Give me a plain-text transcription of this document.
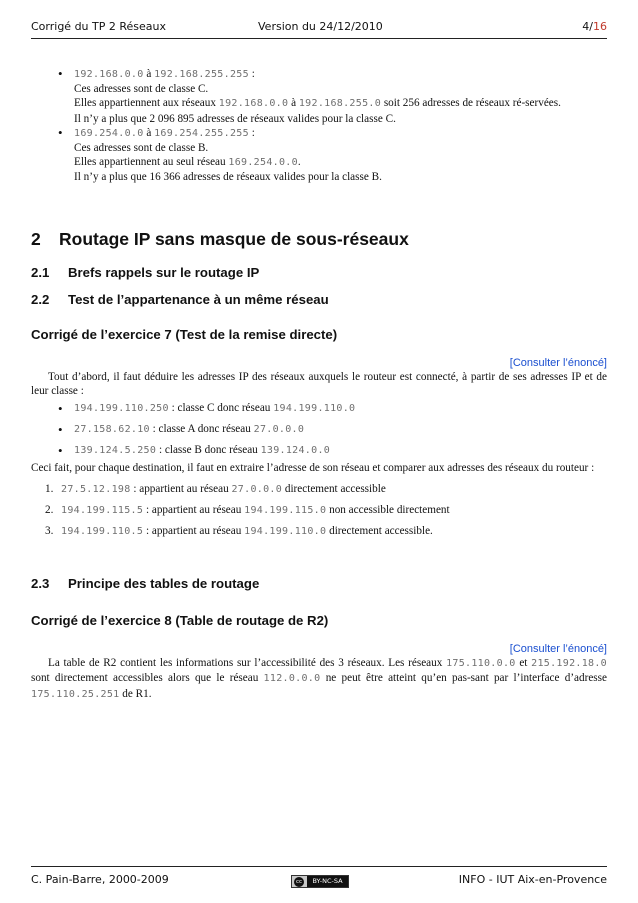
Corrigé du TP 2 Réseaux	Version du 24/12/2010	4/16
• 192.168.0.0 à 192.168.255.255 :
Ces adresses sont de classe C.
Elles appartiennent aux réseaux 192.168.0.0 à 192.168.255.0 soit 256 adresses de réseaux ré-servées.
Il n’y a plus que 2 096 895 adresses de réseaux valides pour la classe C.
• 169.254.0.0 à 169.254.255.255 :
Ces adresses sont de classe B.
Elles appartiennent au seul réseau 169.254.0.0.
Il n’y a plus que 16 366 adresses de réseaux valides pour la classe B.
2 Routage IP sans masque de sous-réseaux
2.1 Brefs rappels sur le routage IP
2.2 Test de l’appartenance à un même réseau
Corrigé de l’exercice 7 (Test de la remise directe)
[Consulter l’énoncé]

Tout d’abord, il faut déduire les adresses IP des réseaux auxquels le routeur est connecté, à partir de ses adresses IP et de leur classe :

• 194.199.110.250 : classe C donc réseau 194.199.110.0
• 27.158.62.10 : classe A donc réseau 27.0.0.0
• 139.124.5.250 : classe B donc réseau 139.124.0.0

Ceci fait, pour chaque destination, il faut en extraire l’adresse de son réseau et comparer aux adresses des réseaux du routeur :

1. 27.5.12.198 : appartient au réseau 27.0.0.0 directement accessible
2. 194.199.115.5 : appartient au réseau 194.199.115.0 non accessible directement
3. 194.199.110.5 : appartient au réseau 194.199.110.0 directement accessible.
2.3 Principe des tables de routage
Corrigé de l’exercice 8 (Table de routage de R2)
[Consulter l’énoncé]

La table de R2 contient les informations sur l’accessibilité des 3 réseaux. Les réseaux 175.110.0.0 et 215.192.18.0 sont directement accessibles alors que le réseau 112.0.0.0 ne peut être atteint qu’en pas-sant par l’interface d’adresse 175.110.25.251 de R1.

C. Pain-Barre, 2000-2009	cc	BY-NC-SA	INFO - IUT Aix-en-Provence
